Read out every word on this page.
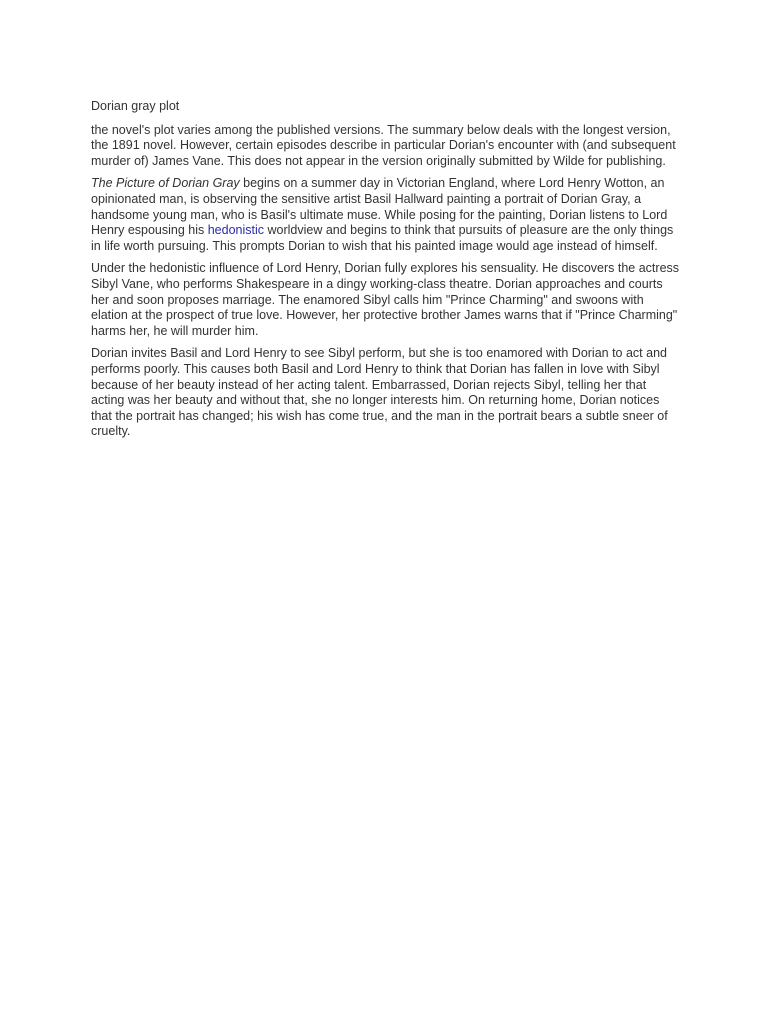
Dorian gray plot

the novel's plot varies among the published versions. The summary below deals with the longest version, the 1891 novel. However, certain episodes describe in particular Dorian's encounter with (and subsequent murder of) James Vane. This does not appear in the version originally submitted by Wilde for publishing.

The Picture of Dorian Gray begins on a summer day in Victorian England, where Lord Henry Wotton, an opinionated man, is observing the sensitive artist Basil Hallward painting a portrait of Dorian Gray, a handsome young man, who is Basil's ultimate muse. While posing for the painting, Dorian listens to Lord Henry espousing his hedonistic worldview and begins to think that pursuits of pleasure are the only things in life worth pursuing. This prompts Dorian to wish that his painted image would age instead of himself.

Under the hedonistic influence of Lord Henry, Dorian fully explores his sensuality. He discovers the actress Sibyl Vane, who performs Shakespeare in a dingy working-class theatre. Dorian approaches and courts her and soon proposes marriage. The enamored Sibyl calls him "Prince Charming" and swoons with elation at the prospect of true love. However, her protective brother James warns that if "Prince Charming" harms her, he will murder him.

Dorian invites Basil and Lord Henry to see Sibyl perform, but she is too enamored with Dorian to act and performs poorly. This causes both Basil and Lord Henry to think that Dorian has fallen in love with Sibyl because of her beauty instead of her acting talent. Embarrassed, Dorian rejects Sibyl, telling her that acting was her beauty and without that, she no longer interests him. On returning home, Dorian notices that the portrait has changed; his wish has come true, and the man in the portrait bears a subtle sneer of cruelty.
